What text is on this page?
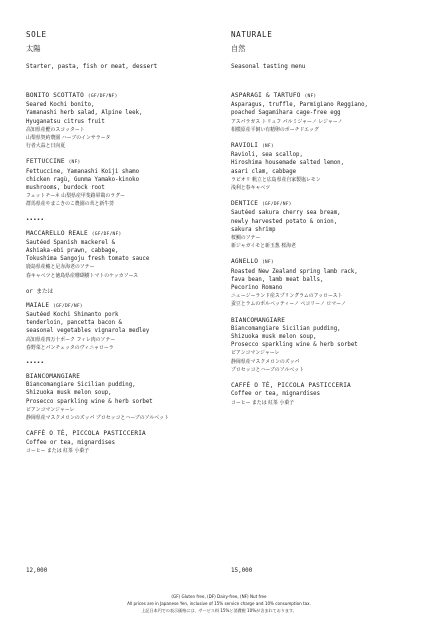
SOLE
太陽
Starter, pasta, fish or meat, dessert
BONITO SCOTTATO (GF/DF/NF)
Seared Kochi bonito,
Yamanashi herb salad, Alpine leek,
Hyuganatsu citrus fruit
高知県産鰹のスコッタート
山梨県契約農園 ハーブのインサラータ
行者大蒜と日向夏
FETTUCCINE (NF)
Fettuccine, Yamanashi Koiji shamo
chicken ragù, Gunma Yamako-kinoko
mushrooms, burdock root
フェットチーネ 山梨県産甲斐路軍鶏のラグー
群馬県産やまこきのこ農園の茸と新牛蒡
•••••
MACCARELLO REALE (GF/DF/NF)
Sautéed Spanish mackerel &
Ashiaka-ebi prawn, cabbage,
Tokushima Sangoju fresh tomato sauce
鹿島県産鰆と足赤海老のソテー
春キャベツと徳島県産珊瑚樹トマトのケッカソース
or または
MAIALE (GF/DF/NF)
Sautéed Kochi Shimanto pork
tenderloin, pancetta bacon &
seasonal vegetables vignarola medley
高知県産四万十ポーク フィレ肉のソテー
春野菜とパンチェッタのヴィニャローラ
•••••
BIANCOMANGIARE
Biancomangiare Sicilian pudding,
Shizuoka musk melon soup,
Prosecco sparkling wine & herb sorbet
ビアンコマンジャーレ
静岡県産マスクメロンのズッパ プロセッコとハーブのソルベット
CAFFÈ O TÈ, PICCOLA PASTICCERIA
Coffee or tea, mignardises
コーヒー または 紅茶 小菓子
NATURALE
自然
Seasonal tasting menu
ASPARAGI & TARTUFO (NF)
Asparagus, truffle, Parmigiano Reggiano,
poached Sagamihara cage-free egg
アスパラガス トリュフ パルミジャーノ レジャーノ
相模原産平飼い有精卵のポーチドエッグ
RAVIOLI (NF)
Ravioli, sea scallop,
Hiroshima housemade salted lemon,
asari clam, cabbage
ラビオリ 帆立と広島県産自家製塩レモン
浅利と春キャベツ
DENTICE (GF/DF/NF)
Sautéed sakura cherry sea bream,
newly harvested potato & onion,
sakura shrimp
桜鯛のソテー
新ジャガイモと新玉葱 桜海老
AGNELLO (NF)
Roasted New Zealand spring lamb rack,
fava bean, lamb meat balls,
Pecorino Romano
ニュージーランド産スプリングラムのアッロースト
蚕豆とラムのポルペッティーノ ペコリーノ ロマーノ
BIANCOMANGIARE
Biancomangiare Sicilian pudding,
Shizuoka musk melon soup,
Prosecco sparkling wine & herb sorbet
ビアンコマンジャーレ
静岡県産マスクメロンのズッパ
プロセッコとハーブのソルベット
CAFFÈ O TÈ, PICCOLA PASTICCERIA
Coffee or tea, mignardises
コーヒー または 紅茶 小菓子
12,000	15,000
(GF) Gluten free, (DF) Dairy-free, (NF) Nut free
All prices are in Japanese Yen, inclusive of 15% service charge and 10% consumption tax.
上記日本円での表示価格には、サービス料 15%と消費税 10%が含まれております。
